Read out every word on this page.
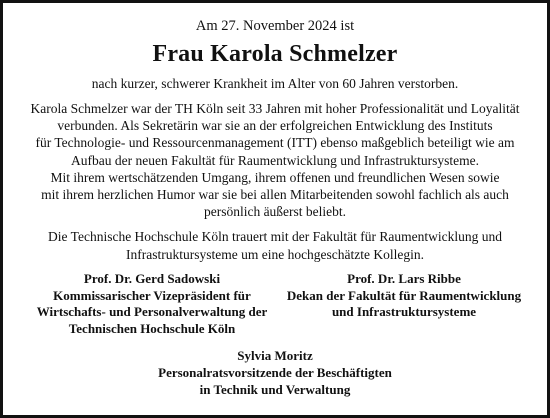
Am 27. November 2024 ist

Frau Karola Schmelzer

nach kurzer, schwerer Krankheit im Alter von 60 Jahren verstorben.

Karola Schmelzer war der TH Köln seit 33 Jahren mit hoher Professionalität und Loyalität
verbunden. Als Sekretärin war sie an der erfolgreichen Entwicklung des Instituts
für Technologie- und Ressourcenmanagement (ITT) ebenso maßgeblich beteiligt wie am
Aufbau der neuen Fakultät für Raumentwicklung und Infrastruktursysteme.
Mit ihrem wertschätzenden Umgang, ihrem offenen und freundlichen Wesen sowie
mit ihrem herzlichen Humor war sie bei allen Mitarbeitenden sowohl fachlich als auch
persönlich äußerst beliebt.

Die Technische Hochschule Köln trauert mit der Fakultät für Raumentwicklung und
Infrastruktursysteme um eine hochgeschätzte Kollegin.

Prof. Dr. Gerd Sadowski
Kommissarischer Vizepräsident für
Wirtschafts- und Personalverwaltung der
Technischen Hochschule Köln
Prof. Dr. Lars Ribbe
Dekan der Fakultät für Raumentwicklung
und Infrastruktursysteme
Sylvia Moritz
Personalratsvorsitzende der Beschäftigten
in Technik und Verwaltung
